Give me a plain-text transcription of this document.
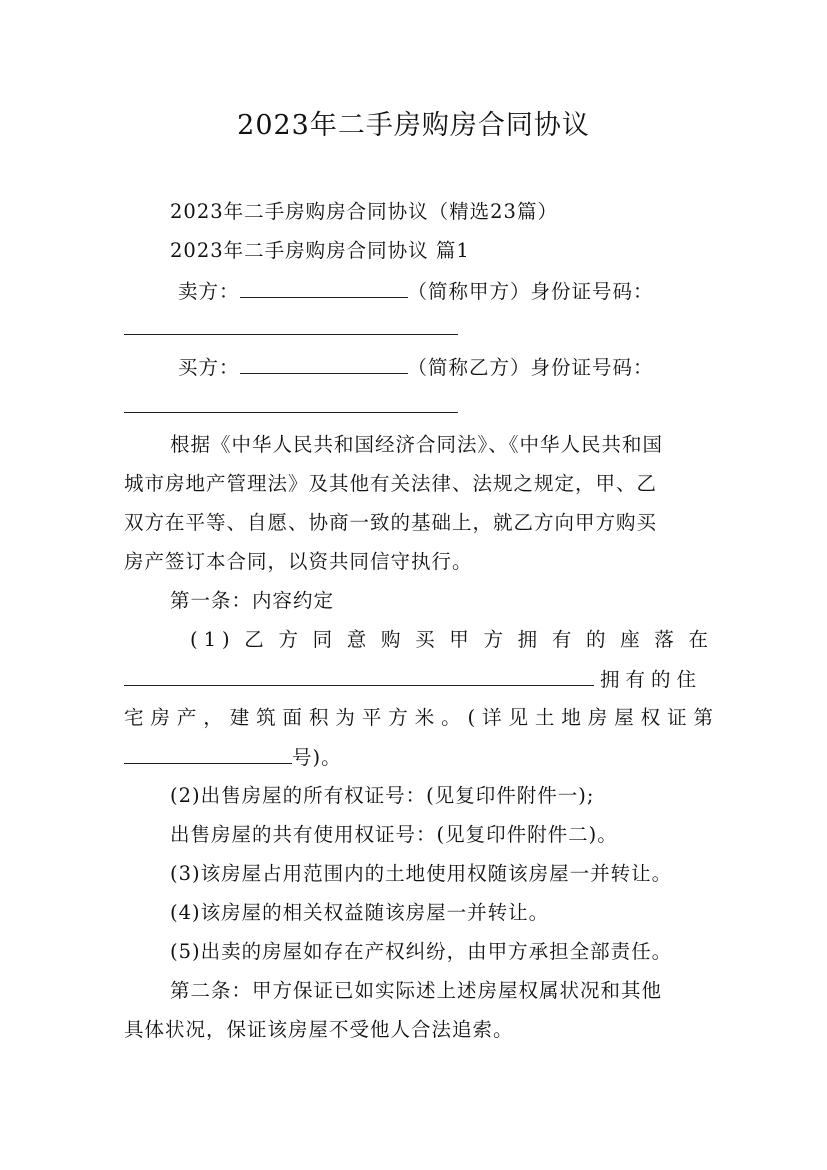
2023年二手房购房合同协议
2023年二手房购房合同协议（精选23篇）
2023年二手房购房合同协议 篇1
卖方：	（简称甲方）身份证号码：
买方：	（简称乙方）身份证号码：
根据《中华人民共和国经济合同法》、《中华人民共和国
城市房地产管理法》及其他有关法律、法规之规定，甲、乙
双方在平等、自愿、协商一致的基础上，就乙方向甲方购买
房产签订本合同，以资共同信守执行。
第一条：内容约定
(1)乙方同意购买甲方拥有的座落在
拥有的住
宅房产，建筑面积为平方米。(详见土地房屋权证第
号)。
(2)出售房屋的所有权证号：(见复印件附件一);
出售房屋的共有使用权证号：(见复印件附件二)。
(3)该房屋占用范围内的土地使用权随该房屋一并转让。
(4)该房屋的相关权益随该房屋一并转让。
(5)出卖的房屋如存在产权纠纷，由甲方承担全部责任。
第二条：甲方保证已如实际述上述房屋权属状况和其他
具体状况，保证该房屋不受他人合法追索。
